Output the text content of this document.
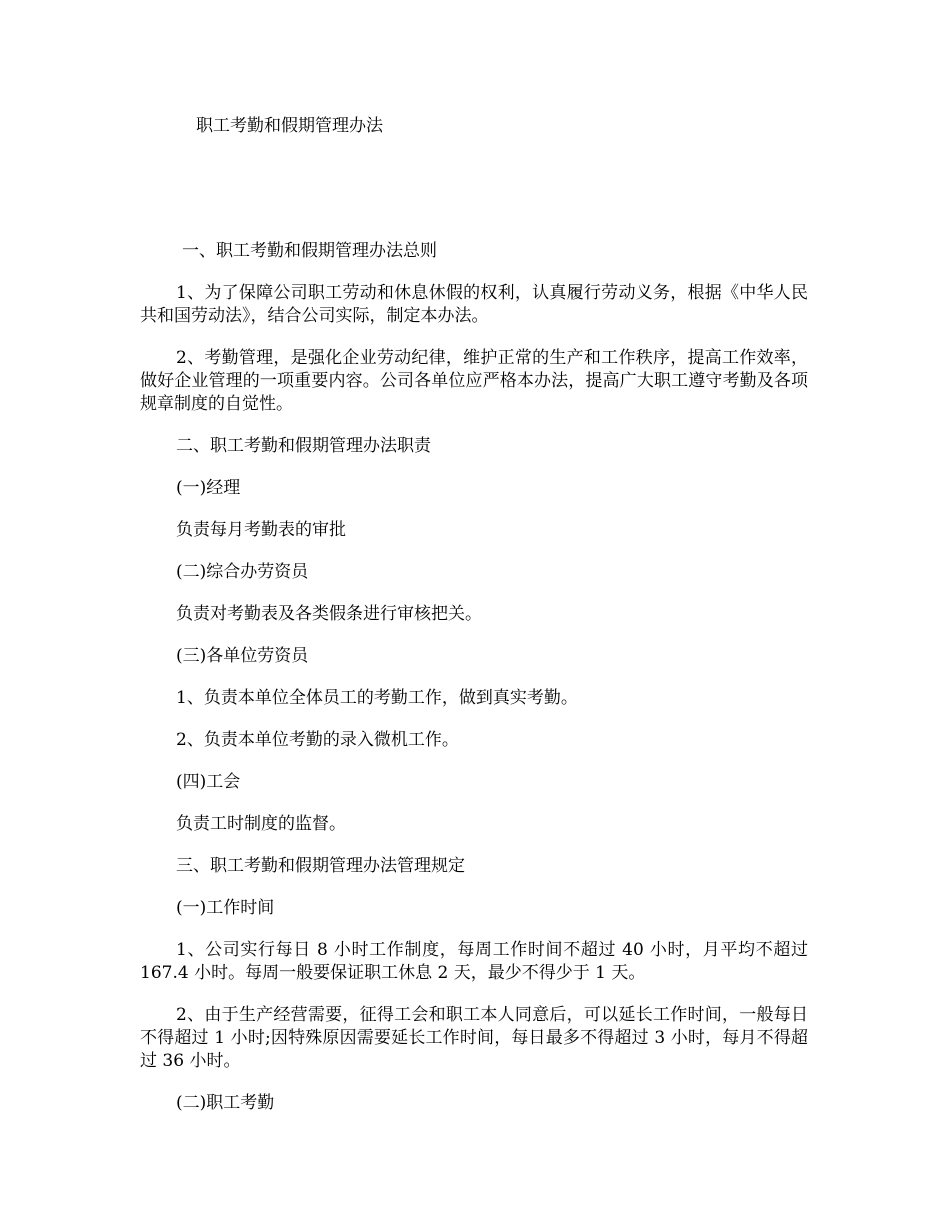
职工考勤和假期管理办法

一、职工考勤和假期管理办法总则

1、为了保障公司职工劳动和休息休假的权利，认真履行劳动义务，根据《中华人民共和国劳动法》，结合公司实际，制定本办法。

2、考勤管理，是强化企业劳动纪律，维护正常的生产和工作秩序，提高工作效率，做好企业管理的一项重要内容。公司各单位应严格本办法，提高广大职工遵守考勤及各项规章制度的自觉性。

二、职工考勤和假期管理办法职责

(一)经理

负责每月考勤表的审批

(二)综合办劳资员

负责对考勤表及各类假条进行审核把关。

(三)各单位劳资员

1、负责本单位全体员工的考勤工作，做到真实考勤。

2、负责本单位考勤的录入微机工作。

(四)工会

负责工时制度的监督。

三、职工考勤和假期管理办法管理规定

(一)工作时间

1、公司实行每日 8 小时工作制度，每周工作时间不超过 40 小时，月平均不超过 167.4 小时。每周一般要保证职工休息 2 天，最少不得少于 1 天。

2、由于生产经营需要，征得工会和职工本人同意后，可以延长工作时间，一般每日不得超过 1 小时;因特殊原因需要延长工作时间，每日最多不得超过 3 小时，每月不得超过 36 小时。

(二)职工考勤
